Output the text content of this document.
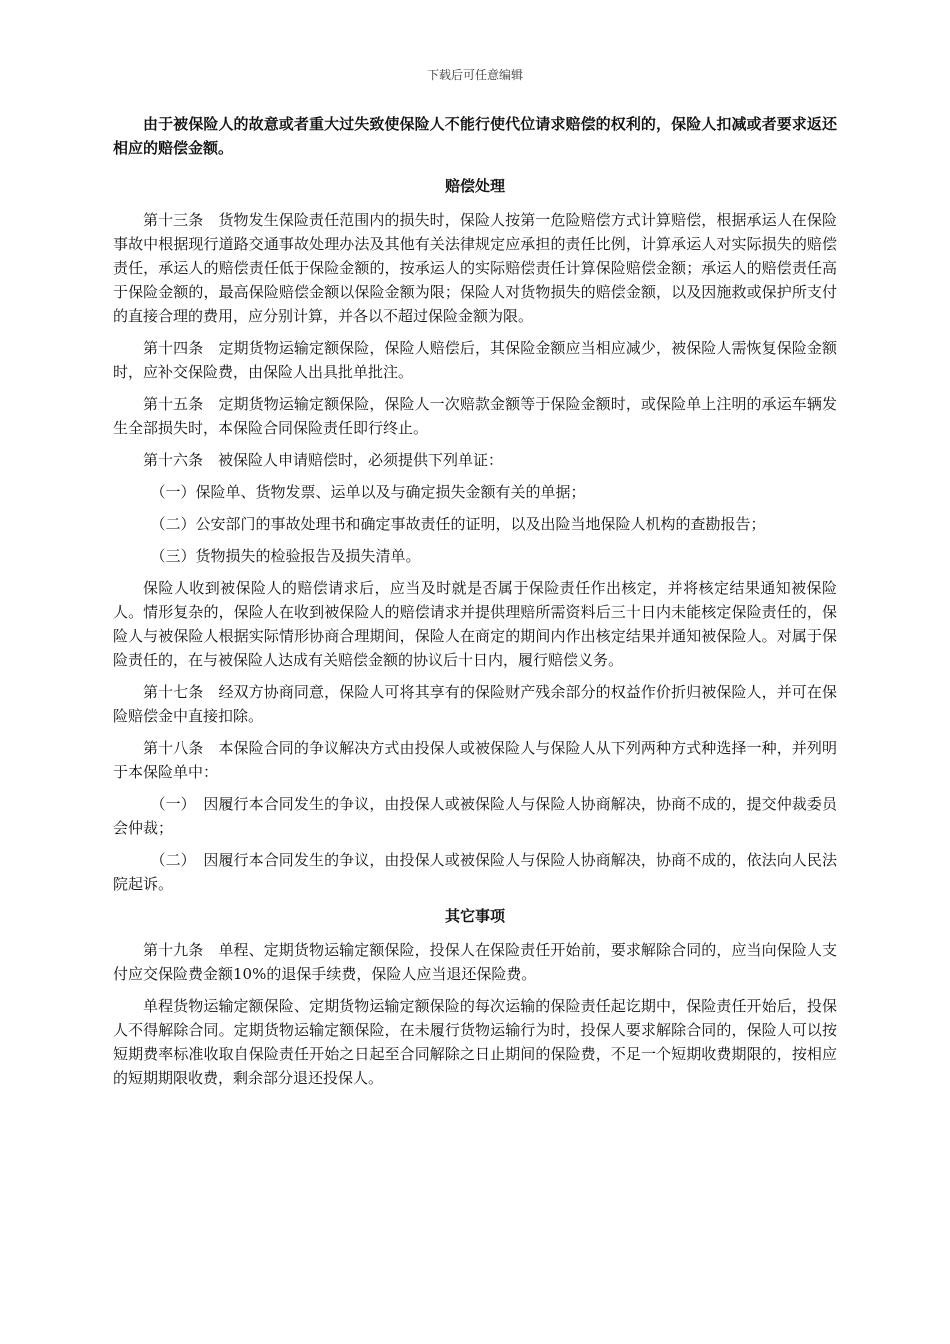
下载后可任意编辑

由于被保险人的故意或者重大过失致使保险人不能行使代位请求赔偿的权利的，保险人扣减或者要求返还相应的赔偿金额。

赔偿处理

第十三条　货物发生保险责任范围内的损失时，保险人按第一危险赔偿方式计算赔偿，根据承运人在保险事故中根据现行道路交通事故处理办法及其他有关法律规定应承担的责任比例，计算承运人对实际损失的赔偿责任，承运人的赔偿责任低于保险金额的，按承运人的实际赔偿责任计算保险赔偿金额；承运人的赔偿责任高于保险金额的，最高保险赔偿金额以保险金额为限；保险人对货物损失的赔偿金额，以及因施救或保护所支付的直接合理的费用，应分别计算，并各以不超过保险金额为限。

第十四条　定期货物运输定额保险，保险人赔偿后，其保险金额应当相应减少，被保险人需恢复保险金额时，应补交保险费，由保险人出具批单批注。

第十五条　定期货物运输定额保险，保险人一次赔款金额等于保险金额时，或保险单上注明的承运车辆发生全部损失时，本保险合同保险责任即行终止。

第十六条　被保险人申请赔偿时，必须提供下列单证：

（一）保险单、货物发票、运单以及与确定损失金额有关的单据；

（二）公安部门的事故处理书和确定事故责任的证明，以及出险当地保险人机构的查勘报告；

（三）货物损失的检验报告及损失清单。

保险人收到被保险人的赔偿请求后，应当及时就是否属于保险责任作出核定，并将核定结果通知被保险人。情形复杂的，保险人在收到被保险人的赔偿请求并提供理赔所需资料后三十日内未能核定保险责任的，保险人与被保险人根据实际情形协商合理期间，保险人在商定的期间内作出核定结果并通知被保险人。对属于保险责任的，在与被保险人达成有关赔偿金额的协议后十日内，履行赔偿义务。

第十七条　经双方协商同意，保险人可将其享有的保险财产残余部分的权益作价折归被保险人，并可在保险赔偿金中直接扣除。

第十八条　本保险合同的争议解决方式由投保人或被保险人与保险人从下列两种方式种选择一种，并列明于本保险单中：

（一）　因履行本合同发生的争议，由投保人或被保险人与保险人协商解决，协商不成的，提交仲裁委员会仲裁；

（二）　因履行本合同发生的争议，由投保人或被保险人与保险人协商解决，协商不成的，依法向人民法院起诉。

其它事项

第十九条　单程、定期货物运输定额保险，投保人在保险责任开始前，要求解除合同的，应当向保险人支付应交保险费金额10%的退保手续费，保险人应当退还保险费。

单程货物运输定额保险、定期货物运输定额保险的每次运输的保险责任起讫期中，保险责任开始后，投保人不得解除合同。定期货物运输定额保险，在未履行货物运输行为时，投保人要求解除合同的，保险人可以按短期费率标准收取自保险责任开始之日起至合同解除之日止期间的保险费，不足一个短期收费期限的，按相应的短期期限收费，剩余部分退还投保人。
